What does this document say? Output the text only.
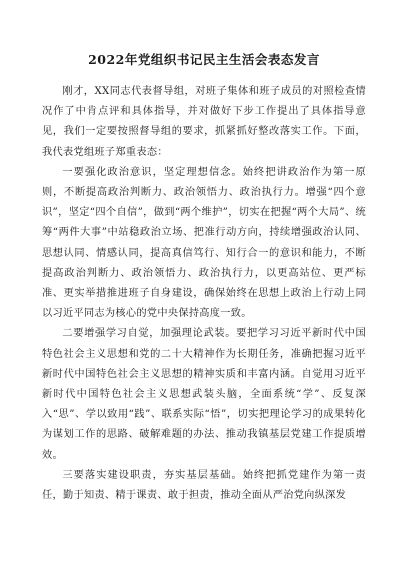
2022年党组织书记民主生活会表态发言

刚才，XX同志代表督导组，对班子集体和班子成员的对照检查情况作了中肯点评和具体指导，并对做好下步工作提出了具体指导意见，我们一定要按照督导组的要求，抓紧抓好整改落实工作。下面，我代表党组班子郑重表态：

一要强化政治意识，坚定理想信念。始终把讲政治作为第一原则，不断提高政治判断力、政治领悟力、政治执行力。增强“四个意识”，坚定“四个自信”，做到“两个维护”，切实在把握“两个大局”、统筹“两件大事”中站稳政治立场、把准行动方向，持续增强政治认同、思想认同、情感认同，提高真信笃行、知行合一的意识和能力，不断提高政治判断力、政治领悟力、政治执行力，以更高站位、更严标准、更实举措推进班子自身建设，确保始终在思想上政治上行动上同以习近平同志为核心的党中央保持高度一致。

二要增强学习自觉，加强理论武装。要把学习习近平新时代中国特色社会主义思想和党的二十大精神作为长期任务，准确把握习近平新时代中国特色社会主义思想的精神实质和丰富内涵。自觉用习近平新时代中国特色社会主义思想武装头脑，全面系统“学”、反复深入“思”、学以致用“践”、联系实际“悟”，切实把理论学习的成果转化为谋划工作的思路、破解难题的办法、推动我镇基层党建工作提质增效。

三要落实建设职责，夯实基层基础。始终把抓党建作为第一责任，勤于知责、精于课责、敢于担责，推动全面从严治党向纵深发
